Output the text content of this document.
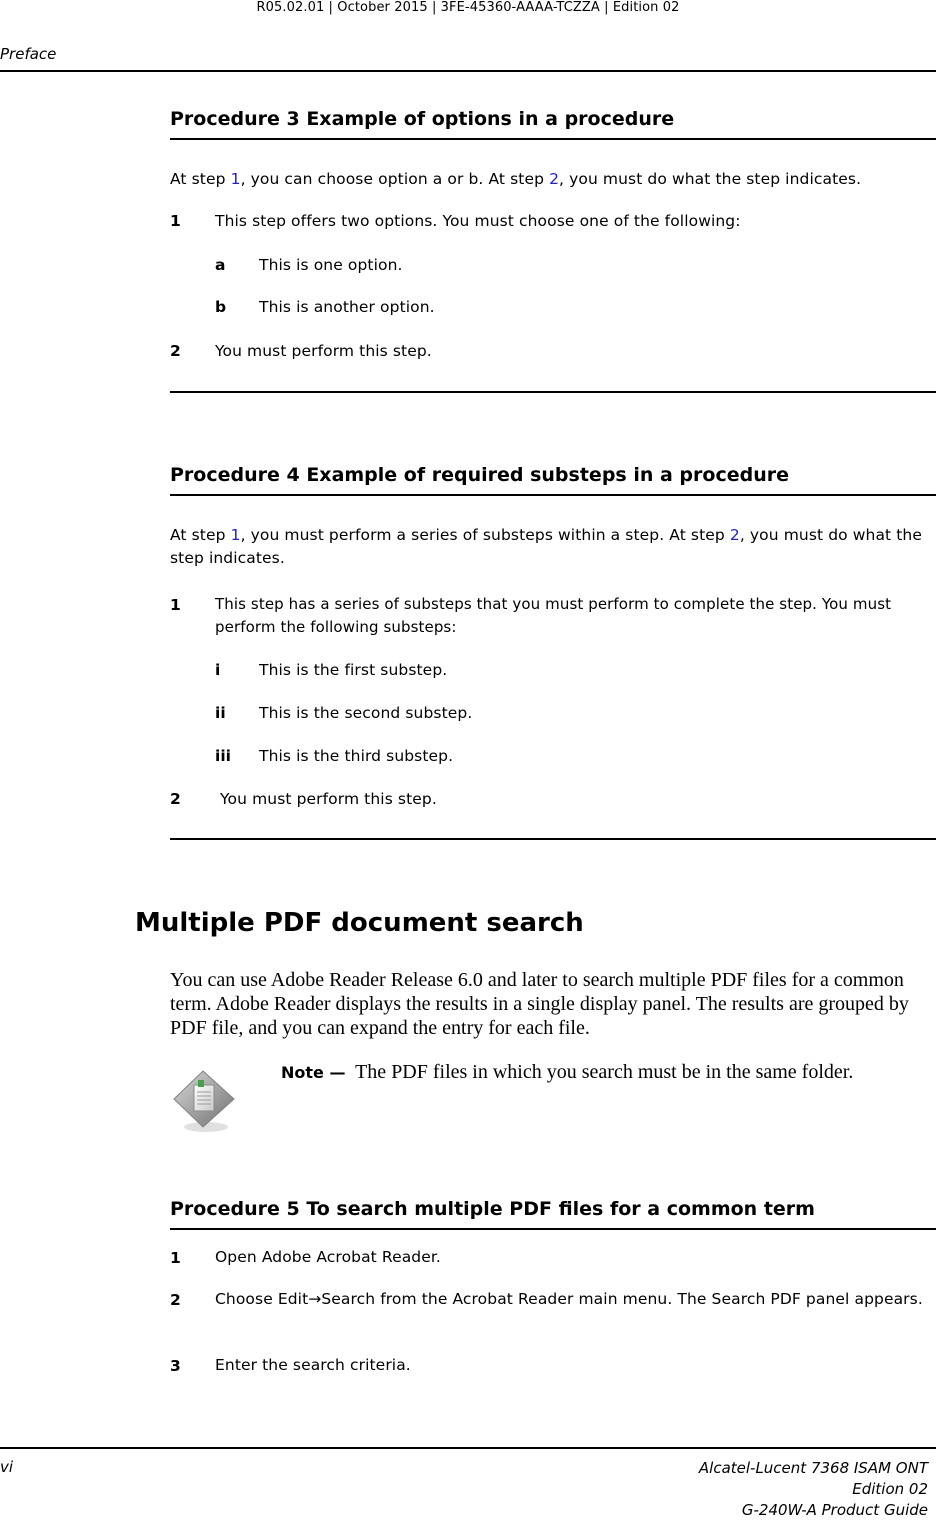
R05.02.01 | October 2015 | 3FE-45360-AAAA-TCZZA | Edition 02
Preface
Procedure 3 Example of options in a procedure
At step 1, you can choose option a or b. At step 2, you must do what the step indicates.
1 This step offers two options. You must choose one of the following:
a This is one option.
b This is another option.
2 You must perform this step.
Procedure 4 Example of required substeps in a procedure
At step 1, you must perform a series of substeps within a step. At step 2, you must do what the step indicates.
1 This step has a series of substeps that you must perform to complete the step. You must perform the following substeps:
i This is the first substep.
ii This is the second substep.
iii This is the third substep.
2 You must perform this step.
Multiple PDF document search
You can use Adobe Reader Release 6.0 and later to search multiple PDF files for a common term. Adobe Reader displays the results in a single display panel. The results are grouped by PDF file, and you can expand the entry for each file.
Note — The PDF files in which you search must be in the same folder.
Procedure 5 To search multiple PDF files for a common term
1 Open Adobe Acrobat Reader.
2 Choose Edit→Search from the Acrobat Reader main menu. The Search PDF panel appears.
3 Enter the search criteria.
vi	Alcatel-Lucent 7368 ISAM ONT
Edition 02
G-240W-A Product Guide
